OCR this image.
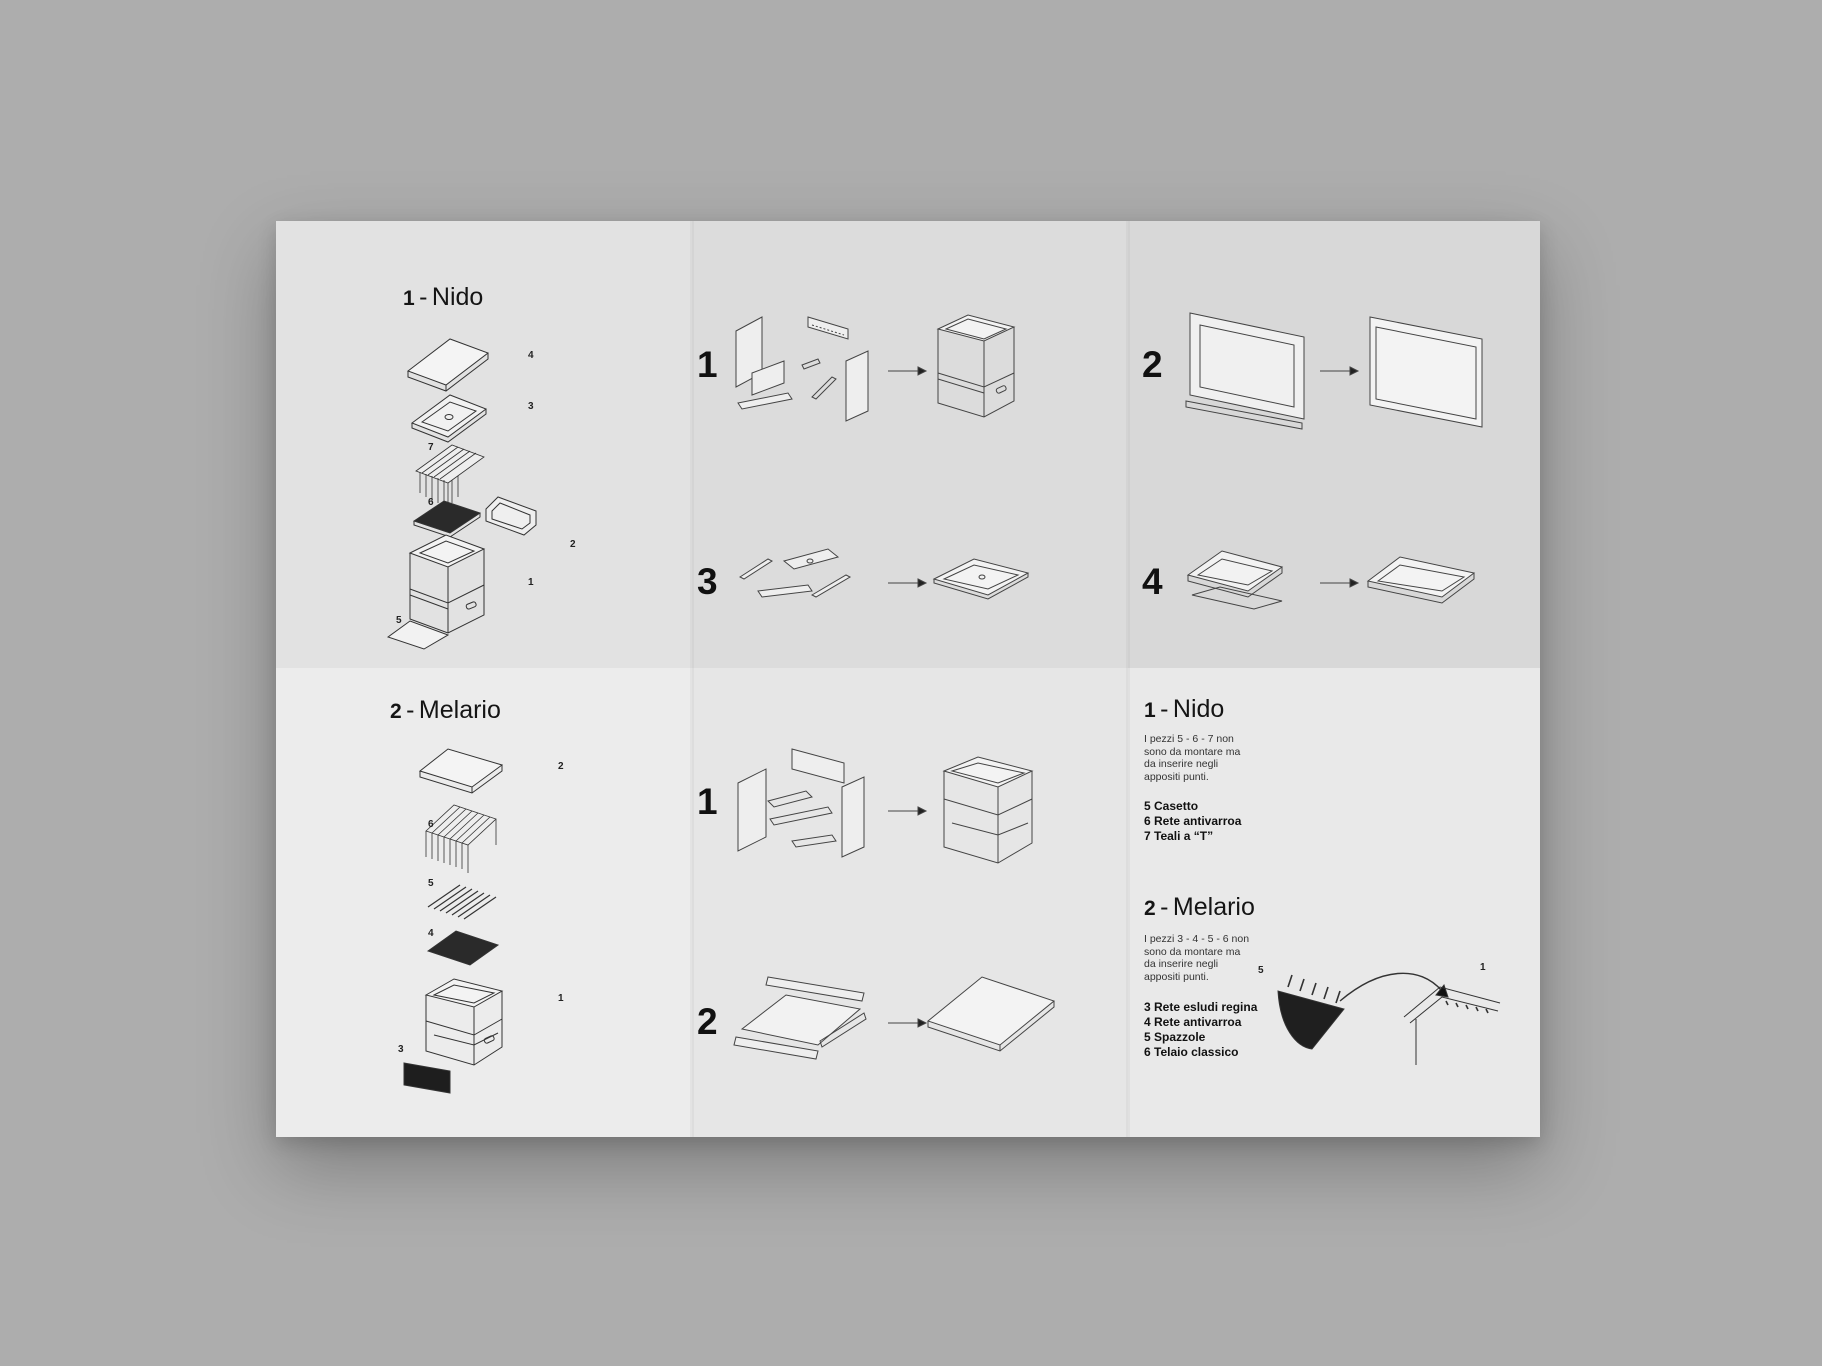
1 - Nido
4
3
7
6
2
1
5
1
3
2
4
2 - Melario
2
6
5
4
1
3
1
2
1 - Nido
I pezzi 5 - 6 - 7 non
sono da montare ma
da inserire negli
appositi punti.
5 Casetto
6 Rete antivarroa
7 Teali a “T”
2 - Melario
I pezzi 3 - 4 - 5 - 6 non
sono da montare ma
da inserire negli
appositi punti.
3 Rete esludi regina
4 Rete antivarroa
5 Spazzole
6 Telaio classico
5	1
